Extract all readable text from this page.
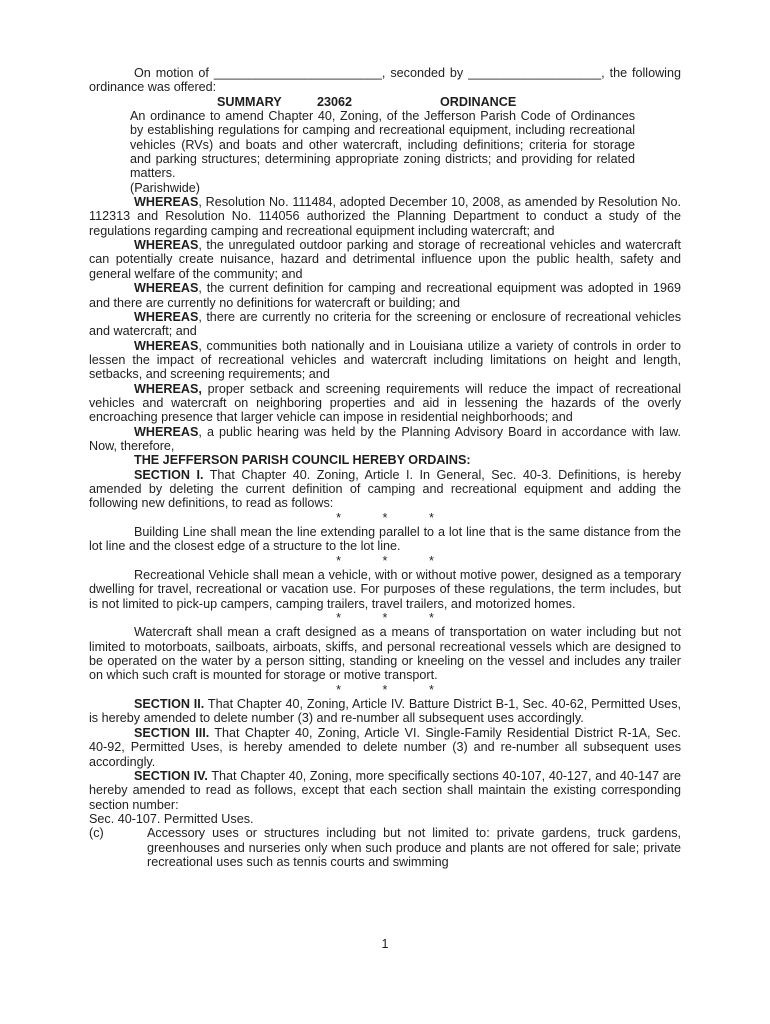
On motion of ________________________, seconded by ___________________, the following ordinance was offered:

SUMMARY	23062	ORDINANCE

An ordinance to amend Chapter 40, Zoning, of the Jefferson Parish Code of Ordinances by establishing regulations for camping and recreational equipment, including recreational vehicles (RVs) and boats and other watercraft, including definitions; criteria for storage and parking structures; determining appropriate zoning districts; and providing for related matters.

(Parishwide)

WHEREAS, Resolution No. 111484, adopted December 10, 2008, as amended by Resolution No. 112313 and Resolution No. 114056 authorized the Planning Department to conduct a study of the regulations regarding camping and recreational equipment including watercraft; and

WHEREAS, the unregulated outdoor parking and storage of recreational vehicles and watercraft can potentially create nuisance, hazard and detrimental influence upon the public health, safety and general welfare of the community; and

WHEREAS, the current definition for camping and recreational equipment was adopted in 1969 and there are currently no definitions for watercraft or building; and

WHEREAS, there are currently no criteria for the screening or enclosure of recreational vehicles and watercraft; and

WHEREAS, communities both nationally and in Louisiana utilize a variety of controls in order to lessen the impact of recreational vehicles and watercraft including limitations on height and length, setbacks, and screening requirements; and

WHEREAS, proper setback and screening requirements will reduce the impact of recreational vehicles and watercraft on neighboring properties and aid in lessening the hazards of the overly encroaching presence that larger vehicle can impose in residential neighborhoods; and

WHEREAS, a public hearing was held by the Planning Advisory Board in accordance with law. Now, therefore,

THE JEFFERSON PARISH COUNCIL HEREBY ORDAINS:

SECTION I. That Chapter 40. Zoning, Article I. In General, Sec. 40-3. Definitions, is hereby amended by deleting the current definition of camping and recreational equipment and adding the following new definitions, to read as follows:

* * *

Building Line shall mean the line extending parallel to a lot line that is the same distance from the lot line and the closest edge of a structure to the lot line.

* * *

Recreational Vehicle shall mean a vehicle, with or without motive power, designed as a temporary dwelling for travel, recreational or vacation use. For purposes of these regulations, the term includes, but is not limited to pick-up campers, camping trailers, travel trailers, and motorized homes.

* * *

Watercraft shall mean a craft designed as a means of transportation on water including but not limited to motorboats, sailboats, airboats, skiffs, and personal recreational vessels which are designed to be operated on the water by a person sitting, standing or kneeling on the vessel and includes any trailer on which such craft is mounted for storage or motive transport.

* * *

SECTION II. That Chapter 40, Zoning, Article IV. Batture District B-1, Sec. 40-62, Permitted Uses, is hereby amended to delete number (3) and re-number all subsequent uses accordingly.

SECTION III. That Chapter 40, Zoning, Article VI. Single-Family Residential District R-1A, Sec. 40-92, Permitted Uses, is hereby amended to delete number (3) and re-number all subsequent uses accordingly.

SECTION IV. That Chapter 40, Zoning, more specifically sections 40-107, 40-127, and 40-147 are hereby amended to read as follows, except that each section shall maintain the existing corresponding section number:

Sec. 40-107. Permitted Uses.

(c)	Accessory uses or structures including but not limited to: private gardens, truck gardens, greenhouses and nurseries only when such produce and plants are not offered for sale; private recreational uses such as tennis courts and swimming
1
